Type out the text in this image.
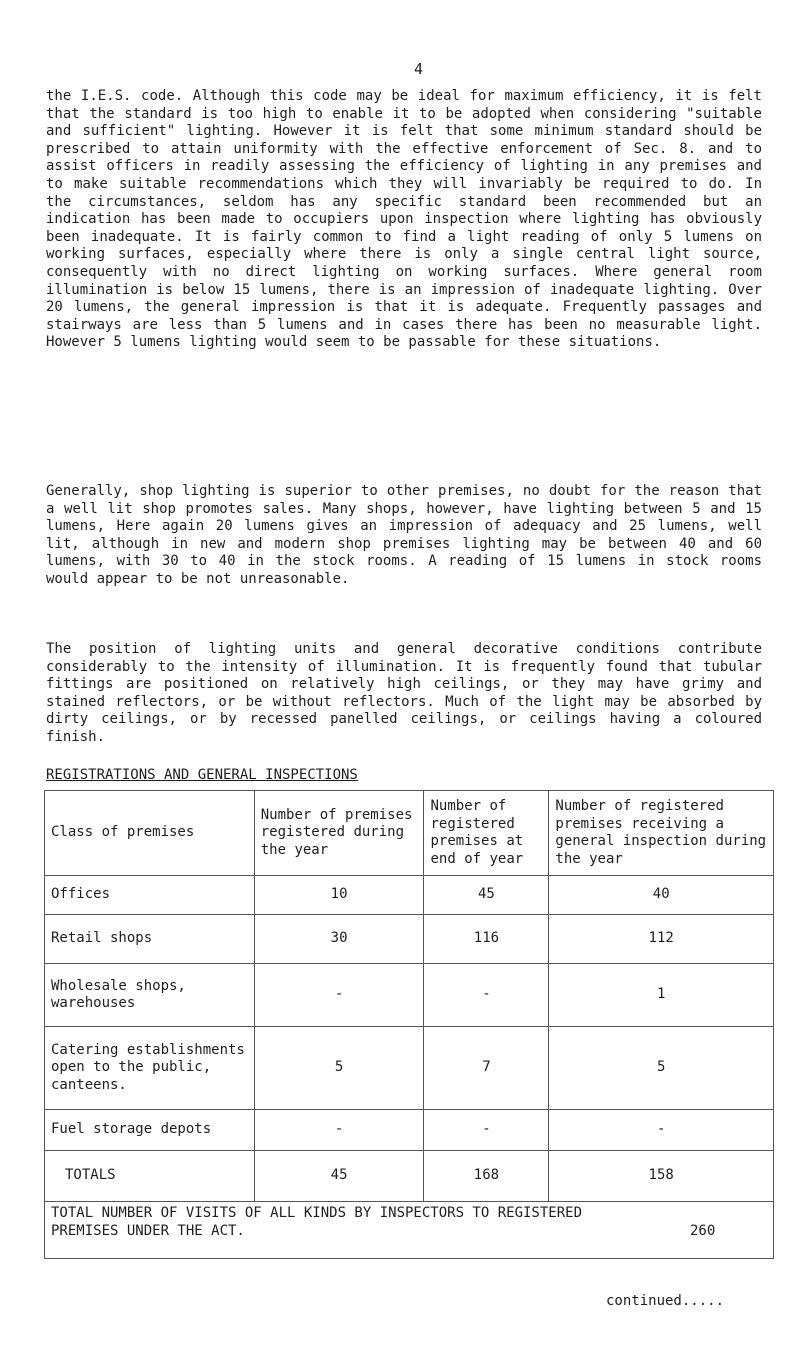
4

the I.E.S. code. Although this code may be ideal for maximum efficiency, it is felt that the standard is too high to enable it to be adopted when considering "suitable and sufficient" lighting. However it is felt that some minimum standard should be prescribed to attain uniformity with the effective enforcement of Sec. 8. and to assist officers in readily assessing the efficiency of lighting in any premises and to make suitable recommendations which they will invariably be required to do. In the circumstances, seldom has any specific standard been recommended but an indication has been made to occupiers upon inspection where lighting has obviously been inadequate. It is fairly common to find a light reading of only 5 lumens on working surfaces, especially where there is only a single central light source, consequently with no direct lighting on working surfaces. Where general room illumination is below 15 lumens, there is an impression of inadequate lighting. Over 20 lumens, the general impression is that it is adequate. Frequently passages and stairways are less than 5 lumens and in cases there has been no measurable light. However 5 lumens lighting would seem to be passable for these situations.

Generally, shop lighting is superior to other premises, no doubt for the reason that a well lit shop promotes sales. Many shops, however, have lighting between 5 and 15 lumens, Here again 20 lumens gives an impression of adequacy and 25 lumens, well lit, although in new and modern shop premises lighting may be between 40 and 60 lumens, with 30 to 40 in the stock rooms. A reading of 15 lumens in stock rooms would appear to be not unreasonable.

The position of lighting units and general decorative conditions contribute considerably to the intensity of illumination. It is frequently found that tubular fittings are positioned on relatively high ceilings, or they may have grimy and stained reflectors, or be without reflectors. Much of the light may be absorbed by dirty ceilings, or by recessed panelled ceilings, or ceilings having a coloured finish.

REGISTRATIONS AND GENERAL INSPECTIONS
Class of premises	Number of premises registered during the year	Number of registered premises at end of year	Number of registered premises receiving a general inspection during the year
Offices	10	45	40
Retail shops	30	116	112
Wholesale shops, warehouses	-	-	1
Catering establishments open to the public, canteens.	5	7	5
Fuel storage depots	-	-	-
TOTALS	45	168	158
TOTAL NUMBER OF VISITS OF ALL KINDS BY INSPECTORS TO REGISTERED PREMISES UNDER THE ACT.	260
continued.....
